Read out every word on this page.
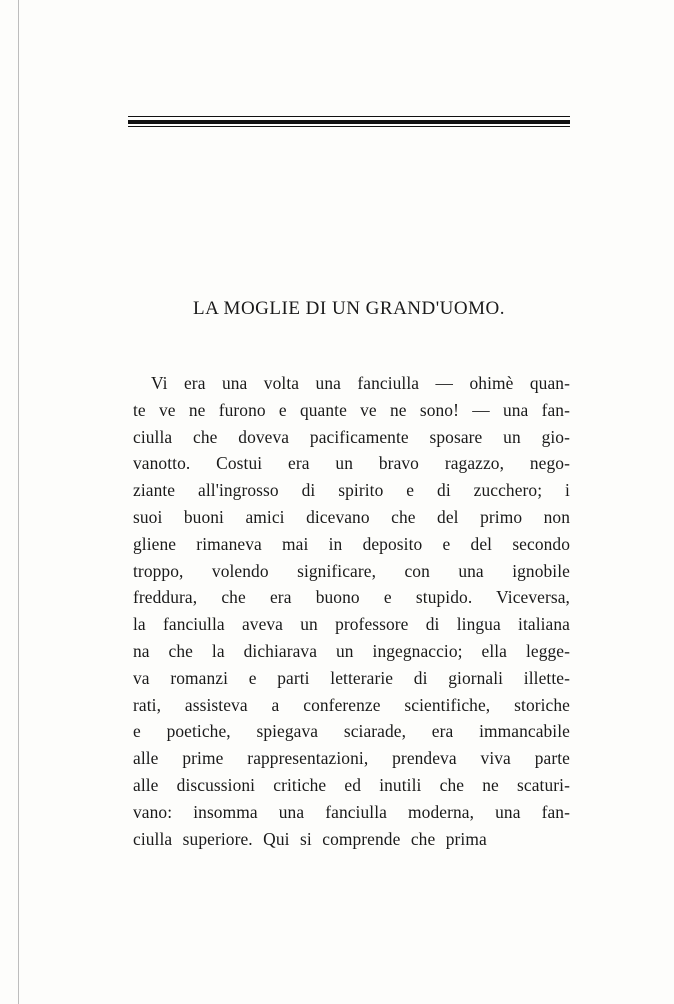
LA MOGLIE DI UN GRAND'UOMO.
Vi era una volta una fanciulla — ohimè quan-
te ve ne furono e quante ve ne sono! — una fan-
ciulla che doveva pacificamente sposare un gio-
vanotto. Costui era un bravo ragazzo, nego-
ziante all'ingrosso di spirito e di zucchero; i
suoi buoni amici dicevano che del primo non
gliene rimaneva mai in deposito e del secondo
troppo, volendo significare, con una ignobile
freddura, che era buono e stupido. Viceversa,
la fanciulla aveva un professore di lingua italiana
na che la dichiarava un ingegnaccio; ella legge-
va romanzi e parti letterarie di giornali illette-
rati, assisteva a conferenze scientifiche, storiche
e poetiche, spiegava sciarade, era immancabile
alle prime rappresentazioni, prendeva viva parte
alle discussioni critiche ed inutili che ne scaturi-
vano: insomma una fanciulla moderna, una fan-
ciulla superiore. Qui si comprende che prima
